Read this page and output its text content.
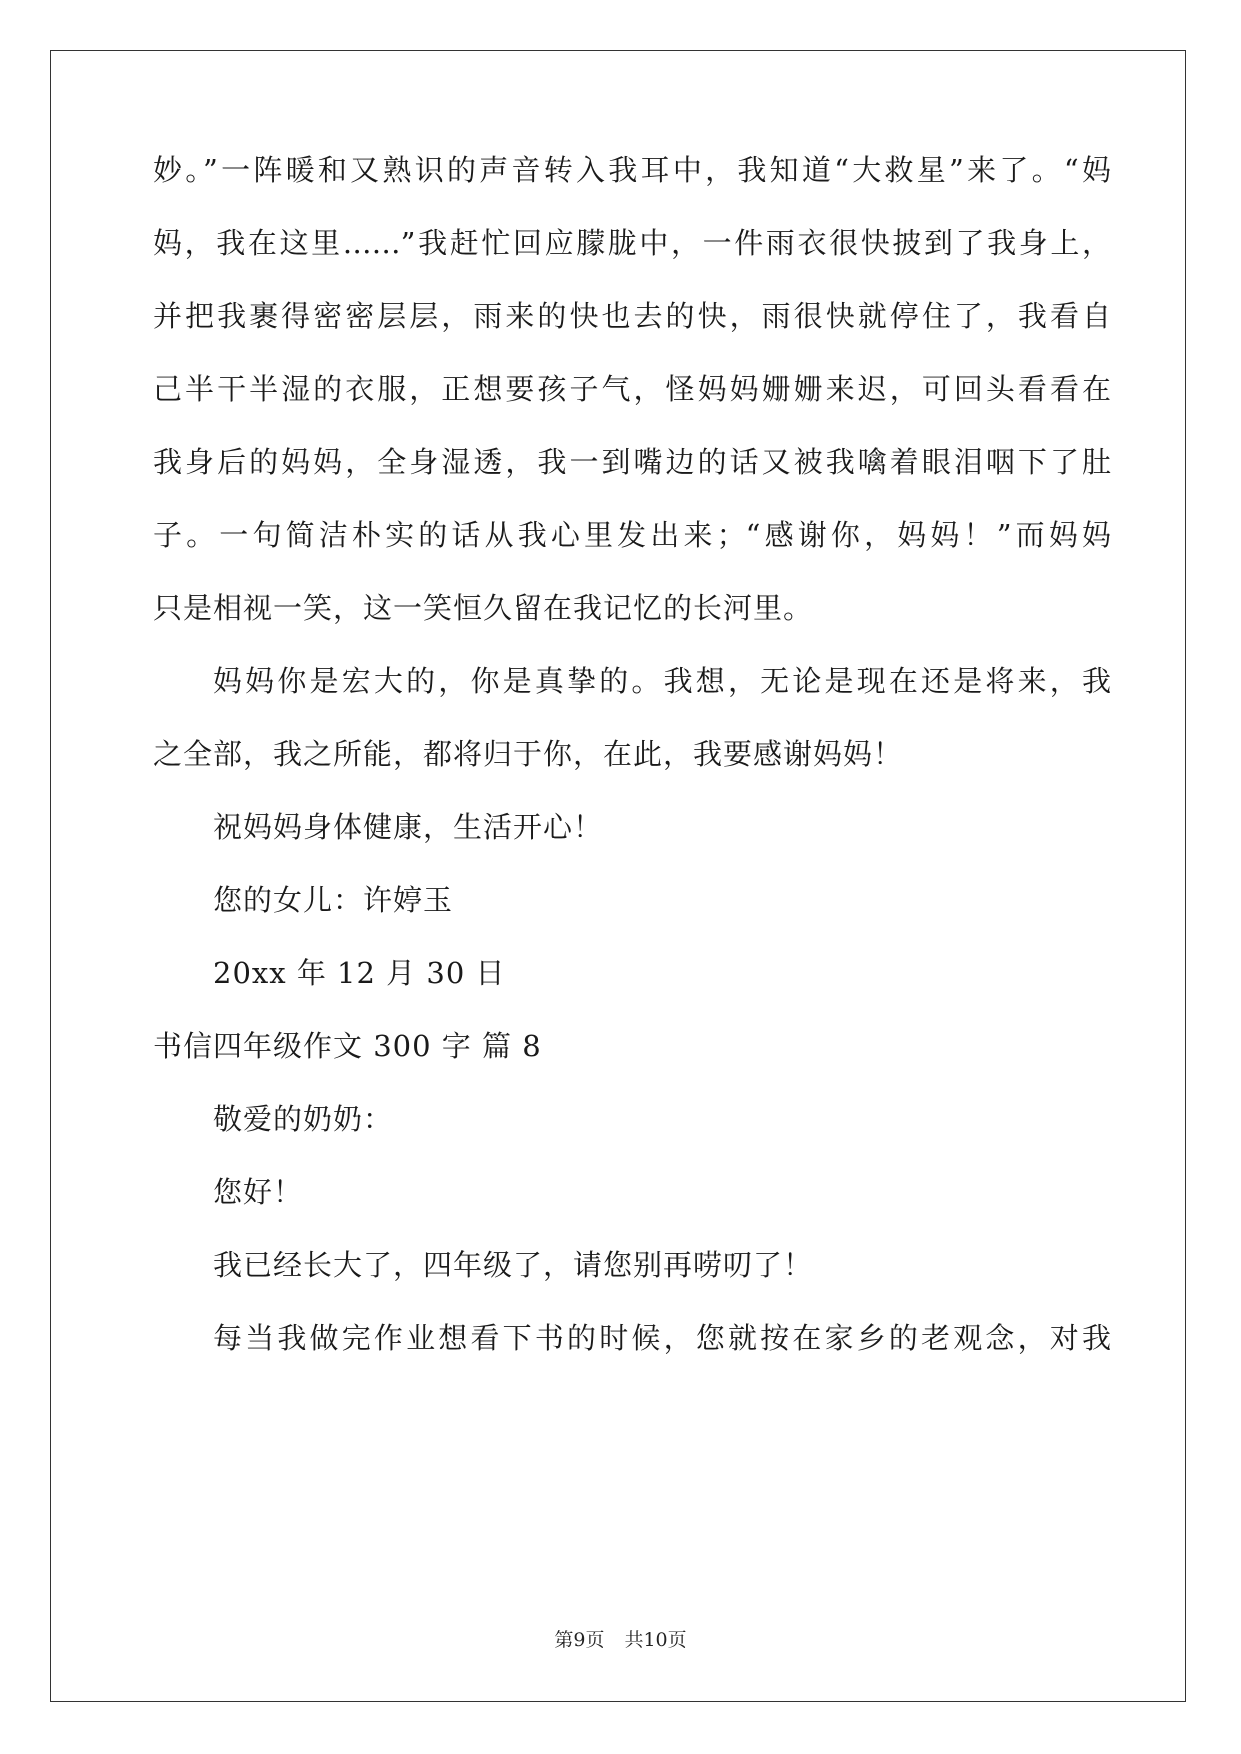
妙。”一阵暖和又熟识的声音转入我耳中，我知道“大救星”来了。“妈
妈，我在这里……”我赶忙回应朦胧中，一件雨衣很快披到了我身上，
并把我裹得密密层层，雨来的快也去的快，雨很快就停住了，我看自
己半干半湿的衣服，正想要孩子气，怪妈妈姗姗来迟，可回头看看在
我身后的妈妈，全身湿透，我一到嘴边的话又被我噙着眼泪咽下了肚
子。一句简洁朴实的话从我心里发出来；“感谢你，妈妈！”而妈妈
只是相视一笑，这一笑恒久留在我记忆的长河里。
妈妈你是宏大的，你是真挚的。我想，无论是现在还是将来，我
之全部，我之所能，都将归于你，在此，我要感谢妈妈！
祝妈妈身体健康，生活开心！
您的女儿：许婷玉
20xx 年 12 月 30 日
书信四年级作文 300 字 篇 8
敬爱的奶奶：
您好！
我已经长大了，四年级了，请您别再唠叨了！
每当我做完作业想看下书的时候，您就按在家乡的老观念，对我
第9页 共10页
